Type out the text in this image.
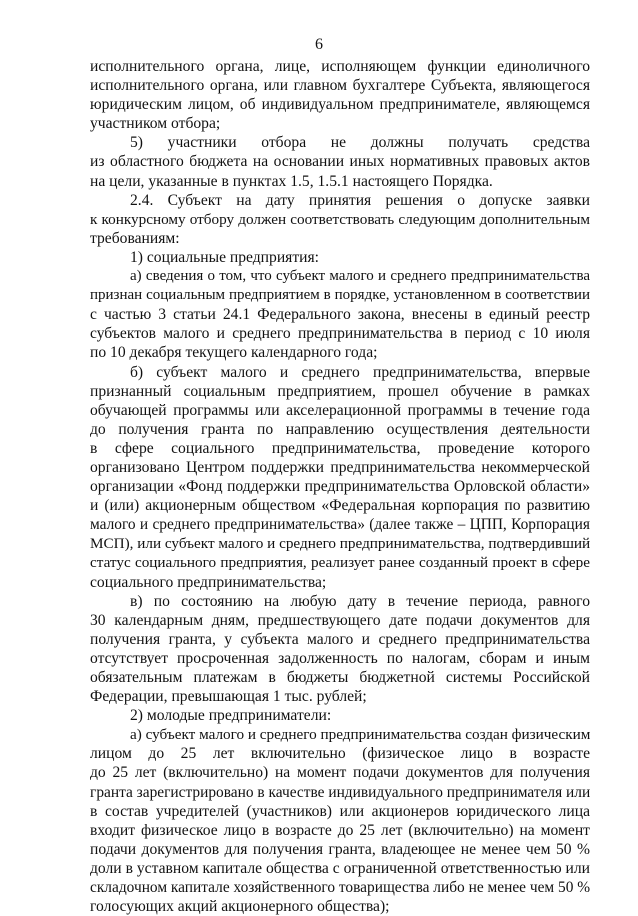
6
исполнительного органа, лице, исполняющем функции единоличного
исполнительного органа, или главном бухгалтере Субъекта, являющегося
юридическим лицом, об индивидуальном предпринимателе, являющемся
участником отбора;
5) участники отбора не должны получать средства
из областного бюджета на основании иных нормативных правовых актов
на цели, указанные в пунктах 1.5, 1.5.1 настоящего Порядка.
2.4. Субъект на дату принятия решения о допуске заявки
к конкурсному отбору должен соответствовать следующим дополнительным
требованиям:
1) социальные предприятия:
а) сведения о том, что субъект малого и среднего предпринимательства
признан социальным предприятием в порядке, установленном в соответствии
с частью 3 статьи 24.1 Федерального закона, внесены в единый реестр
субъектов малого и среднего предпринимательства в период с 10 июля
по 10 декабря текущего календарного года;
б) субъект малого и среднего предпринимательства, впервые
признанный социальным предприятием, прошел обучение в рамках
обучающей программы или акселерационной программы в течение года
до получения гранта по направлению осуществления деятельности
в сфере социального предпринимательства, проведение которого
организовано Центром поддержки предпринимательства некоммерческой
организации «Фонд поддержки предпринимательства Орловской области»
и (или) акционерным обществом «Федеральная корпорация по развитию
малого и среднего предпринимательства» (далее также – ЦПП, Корпорация
МСП), или субъект малого и среднего предпринимательства, подтвердивший
статус социального предприятия, реализует ранее созданный проект в сфере
социального предпринимательства;
в) по состоянию на любую дату в течение периода, равного
30 календарным дням, предшествующего дате подачи документов для
получения гранта, у субъекта малого и среднего предпринимательства
отсутствует просроченная задолженность по налогам, сборам и иным
обязательным платежам в бюджеты бюджетной системы Российской
Федерации, превышающая 1 тыс. рублей;
2) молодые предприниматели:
а) субъект малого и среднего предпринимательства создан физическим
лицом до 25 лет включительно (физическое лицо в возрасте
до 25 лет (включительно) на момент подачи документов для получения
гранта зарегистрировано в качестве индивидуального предпринимателя или
в состав учредителей (участников) или акционеров юридического лица
входит физическое лицо в возрасте до 25 лет (включительно) на момент
подачи документов для получения гранта, владеющее не менее чем 50 %
доли в уставном капитале общества с ограниченной ответственностью или
складочном капитале хозяйственного товарищества либо не менее чем 50 %
голосующих акций акционерного общества);
